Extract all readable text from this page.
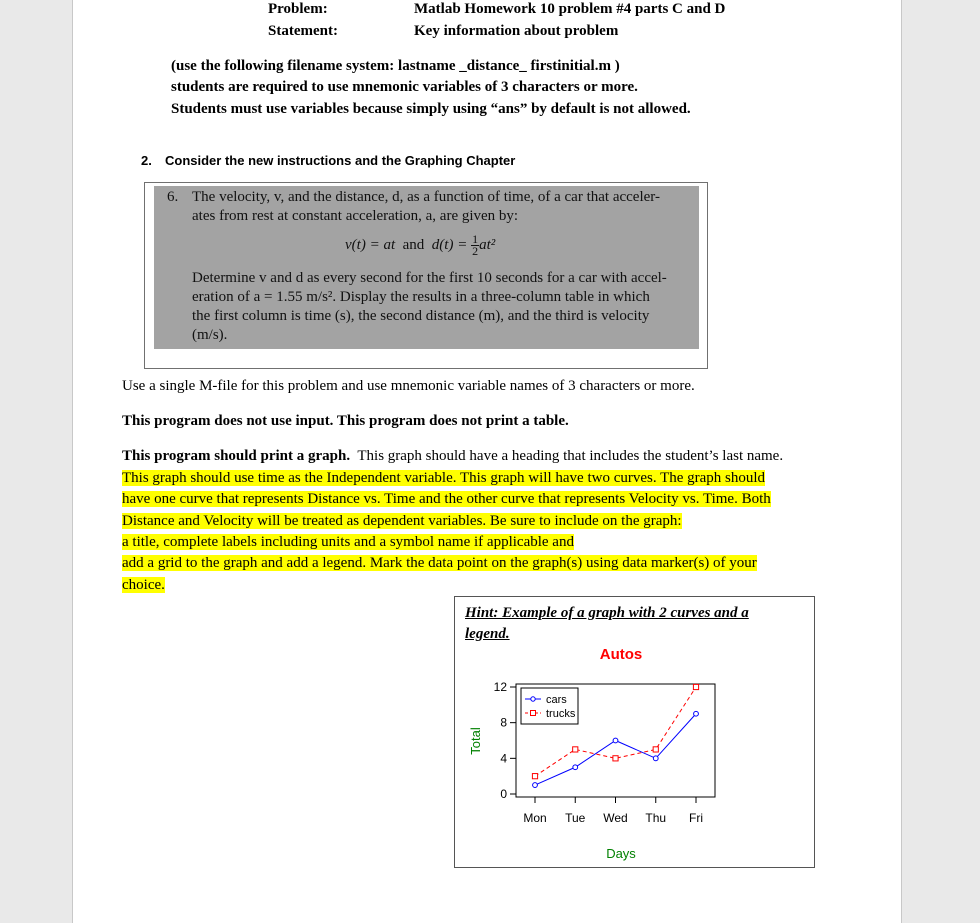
Problem:	Matlab Homework 10 problem #4 parts C and D
Statement:	Key information about problem
(use the following filename system: lastname _distance_ firstinitial.m )
students are required to use mnemonic variables of 3 characters or more.
Students must use variables because simply using “ans” by default is not allowed.
2. Consider the new instructions and the Graphing Chapter
6. The velocity, v, and the distance, d, as a function of time, of a car that acceler-
ates from rest at constant acceleration, a, are given by:
v(t) = at and $d(t) = \frac{1}{2} at^2$
Determine v and d as every second for the first 10 seconds for a car with accel-
eration of a = 1.55 m/s². Display the results in a three-column table in which
the first column is time (s), the second distance (m), and the third is velocity
(m/s).
Use a single M-file for this problem and use mnemonic variable names of 3 characters or more.
This program does not use input. This program does not print a table.
This program should print a graph. This graph should have a heading that includes the student’s last name.
This graph should use time as the Independent variable. This graph will have two curves. The graph should
have one curve that represents Distance vs. Time and the other curve that represents Velocity vs. Time. Both
Distance and Velocity will be treated as dependent variables. Be sure to include on the graph:
a title, complete labels including units and a symbol name if applicable and
add a grid to the graph and add a legend. Mark the data point on the graph(s) using data marker(s) of your
choice.
Hint: Example of a graph with 2 curves and a legend.
Autos
Total
Days
0
4
8
12
Mon Tue Wed Thu Fri
cars
trucks
